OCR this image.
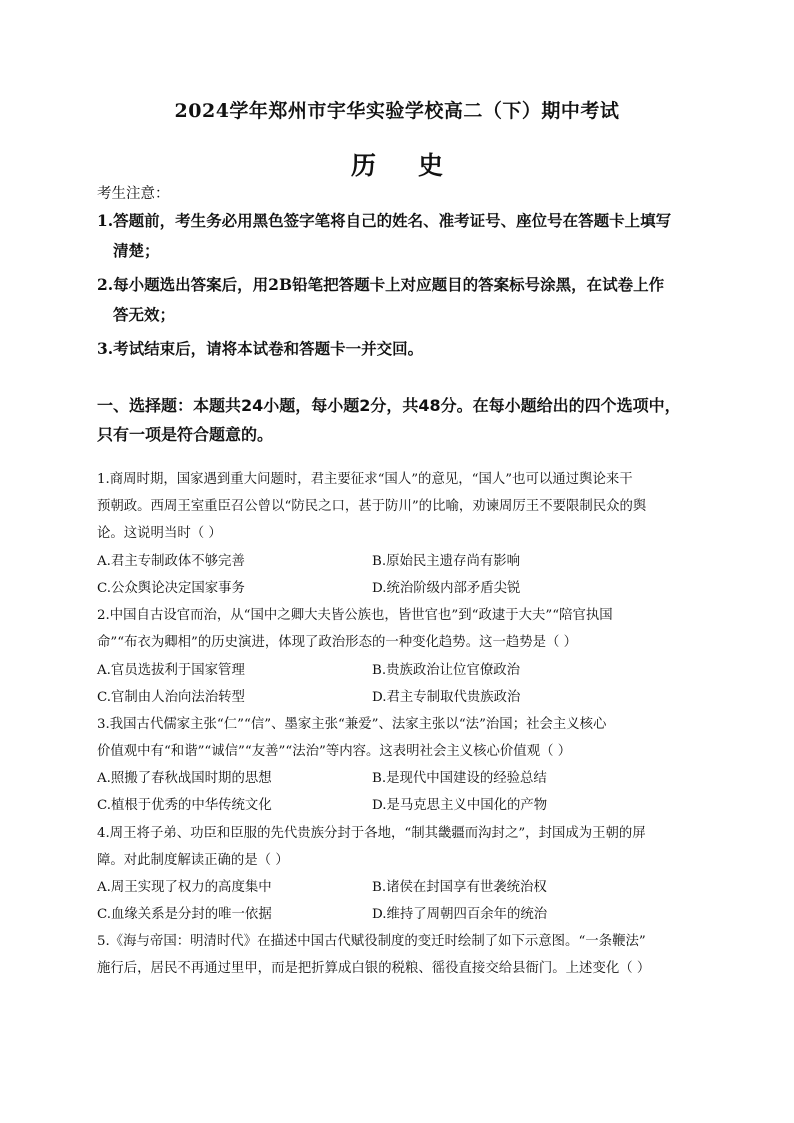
2024学年郑州市宇华实验学校高二（下）期中考试
历史
考生注意：
1.答题前，考生务必用黑色签字笔将自己的姓名、准考证号、座位号在答题卡上填写
清楚；
2.每小题选出答案后，用2B铅笔把答题卡上对应题目的答案标号涂黑，在试卷上作
答无效；
3.考试结束后，请将本试卷和答题卡一并交回。
一、选择题：本题共24小题，每小题2分，共48分。在每小题给出的四个选项中，
只有一项是符合题意的。
1.商周时期，国家遇到重大问题时，君主要征求“国人”的意见，“国人”也可以通过舆论来干
预朝政。西周王室重臣召公曾以“防民之口，甚于防川”的比喻，劝谏周厉王不要限制民众的舆
论。这说明当时（ ）
A.君主专制政体不够完善	B.原始民主遗存尚有影响
C.公众舆论决定国家事务	D.统治阶级内部矛盾尖锐
2.中国自古设官而治，从“国中之卿大夫皆公族也，皆世官也”到“政逮于大夫”“陪官执国
命”“布衣为卿相”的历史演进，体现了政治形态的一种变化趋势。这一趋势是（ ）
A.官员选拔利于国家管理	B.贵族政治让位官僚政治
C.官制由人治向法治转型	D.君主专制取代贵族政治
3.我国古代儒家主张“仁”“信”、墨家主张“兼爱”、法家主张以“法”治国；社会主义核心
价值观中有“和谐”“诚信”“友善”“法治”等内容。这表明社会主义核心价值观（ ）
A.照搬了春秋战国时期的思想	B.是现代中国建设的经验总结
C.植根于优秀的中华传统文化	D.是马克思主义中国化的产物
4.周王将子弟、功臣和臣服的先代贵族分封于各地，“制其畿疆而沟封之”，封国成为王朝的屏
障。对此制度解读正确的是（ ）
A.周王实现了权力的高度集中	B.诸侯在封国享有世袭统治权
C.血缘关系是分封的唯一依据	D.维持了周朝四百余年的统治
5.《海与帝国：明清时代》在描述中国古代赋役制度的变迁时绘制了如下示意图。“一条鞭法”
施行后，居民不再通过里甲，而是把折算成白银的税粮、徭役直接交给县衙门。上述变化（ ）
